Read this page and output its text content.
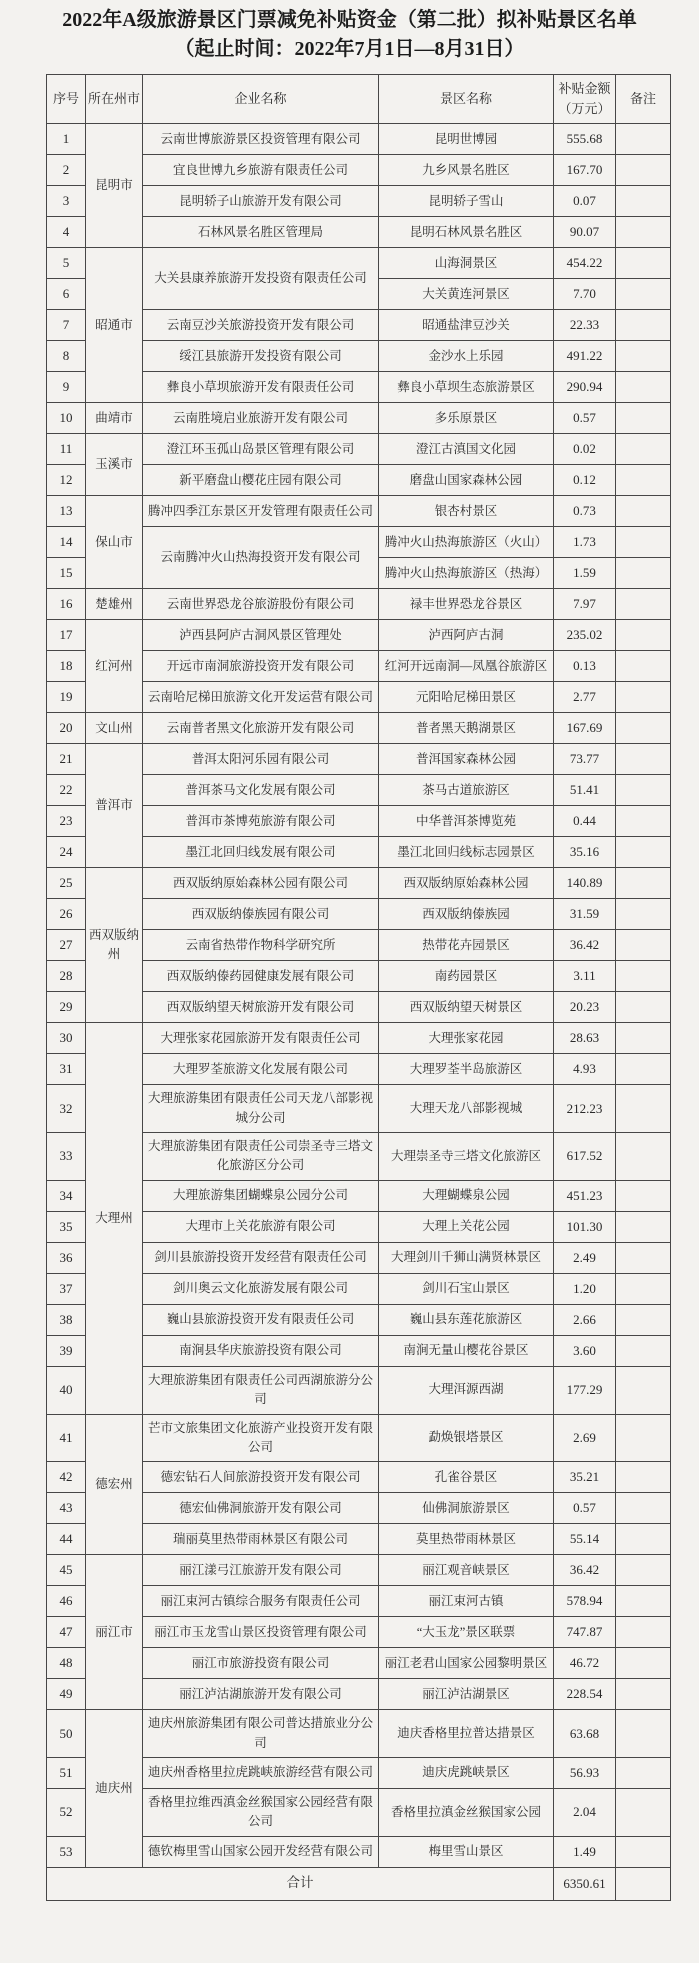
2022年A级旅游景区门票减免补贴资金（第二批）拟补贴景区名单
（起止时间：2022年7月1日—8月31日）
序号	所在州市	企业名称	景区名称	补贴金额（万元）	备注
1	昆明市	云南世博旅游景区投资管理有限公司	昆明世博园	555.68	
2		宜良世博九乡旅游有限责任公司	九乡风景名胜区	167.70	
3		昆明轿子山旅游开发有限公司	昆明轿子雪山	0.07	
4		石林风景名胜区管理局	昆明石林风景名胜区	90.07	
5	昭通市	大关县康养旅游开发投资有限责任公司	山海洞景区	454.22	
6			大关黄连河景区	7.70	
7		云南豆沙关旅游投资开发有限公司	昭通盐津豆沙关	22.33	
8		绥江县旅游开发投资有限公司	金沙水上乐园	491.22	
9		彝良小草坝旅游开发有限责任公司	彝良小草坝生态旅游景区	290.94	
10	曲靖市	云南胜境启业旅游开发有限公司	多乐原景区	0.57	
11	玉溪市	澄江环玉孤山岛景区管理有限公司	澄江古滇国文化园	0.02	
12		新平磨盘山樱花庄园有限公司	磨盘山国家森林公园	0.12	
13	保山市	腾冲四季江东景区开发管理有限责任公司	银杏村景区	0.73	
14		云南腾冲火山热海投资开发有限公司	腾冲火山热海旅游区（火山）	1.73	
15			腾冲火山热海旅游区（热海）	1.59	
16	楚雄州	云南世界恐龙谷旅游股份有限公司	禄丰世界恐龙谷景区	7.97	
17	红河州	泸西县阿庐古洞风景区管理处	泸西阿庐古洞	235.02	
18		开远市南洞旅游投资开发有限公司	红河开远南洞—凤凰谷旅游区	0.13	
19		云南哈尼梯田旅游文化开发运营有限公司	元阳哈尼梯田景区	2.77	
20	文山州	云南普者黑文化旅游开发有限公司	普者黑天鹅湖景区	167.69	
21	普洱市	普洱太阳河乐园有限公司	普洱国家森林公园	73.77	
22		普洱茶马文化发展有限公司	茶马古道旅游区	51.41	
23		普洱市茶博苑旅游有限公司	中华普洱茶博览苑	0.44	
24		墨江北回归线发展有限公司	墨江北回归线标志园景区	35.16	
25	西双版纳州	西双版纳原始森林公园有限公司	西双版纳原始森林公园	140.89	
26		西双版纳傣族园有限公司	西双版纳傣族园	31.59	
27		云南省热带作物科学研究所	热带花卉园景区	36.42	
28		西双版纳傣药园健康发展有限公司	南药园景区	3.11	
29		西双版纳望天树旅游开发有限公司	西双版纳望天树景区	20.23	
30	大理州	大理张家花园旅游开发有限责任公司	大理张家花园	28.63	
31		大理罗荃旅游文化发展有限公司	大理罗荃半岛旅游区	4.93	
32		大理旅游集团有限责任公司天龙八部影视城分公司	大理天龙八部影视城	212.23	
33		大理旅游集团有限责任公司崇圣寺三塔文化旅游区分公司	大理崇圣寺三塔文化旅游区	617.52	
34		大理旅游集团蝴蝶泉公园分公司	大理蝴蝶泉公园	451.23	
35		大理市上关花旅游有限公司	大理上关花公园	101.30	
36		剑川县旅游投资开发经营有限责任公司	大理剑川千狮山满贤林景区	2.49	
37		剑川奥云文化旅游发展有限公司	剑川石宝山景区	1.20	
38		巍山县旅游投资开发有限责任公司	巍山县东莲花旅游区	2.66	
39		南涧县华庆旅游投资有限公司	南涧无量山樱花谷景区	3.60	
40		大理旅游集团有限责任公司西湖旅游分公司	大理洱源西湖	177.29	
41	德宏州	芒市文旅集团文化旅游产业投资开发有限公司	勐焕银塔景区	2.69	
42		德宏钻石人间旅游投资开发有限公司	孔雀谷景区	35.21	
43		德宏仙佛洞旅游开发有限公司	仙佛洞旅游景区	0.57	
44		瑞丽莫里热带雨林景区有限公司	莫里热带雨林景区	55.14	
45	丽江市	丽江漾弓江旅游开发有限公司	丽江观音峡景区	36.42	
46		丽江束河古镇综合服务有限责任公司	丽江束河古镇	578.94	
47		丽江市玉龙雪山景区投资管理有限公司	“大玉龙”景区联票	747.87	
48		丽江市旅游投资有限公司	丽江老君山国家公园黎明景区	46.72	
49		丽江泸沽湖旅游开发有限公司	丽江泸沽湖景区	228.54	
50	迪庆州	迪庆州旅游集团有限公司普达措旅业分公司	迪庆香格里拉普达措景区	63.68	
51		迪庆州香格里拉虎跳峡旅游经营有限公司	迪庆虎跳峡景区	56.93	
52		香格里拉维西滇金丝猴国家公园经营有限公司	香格里拉滇金丝猴国家公园	2.04	
53		德钦梅里雪山国家公园开发经营有限公司	梅里雪山景区	1.49	
合计				6350.61	
